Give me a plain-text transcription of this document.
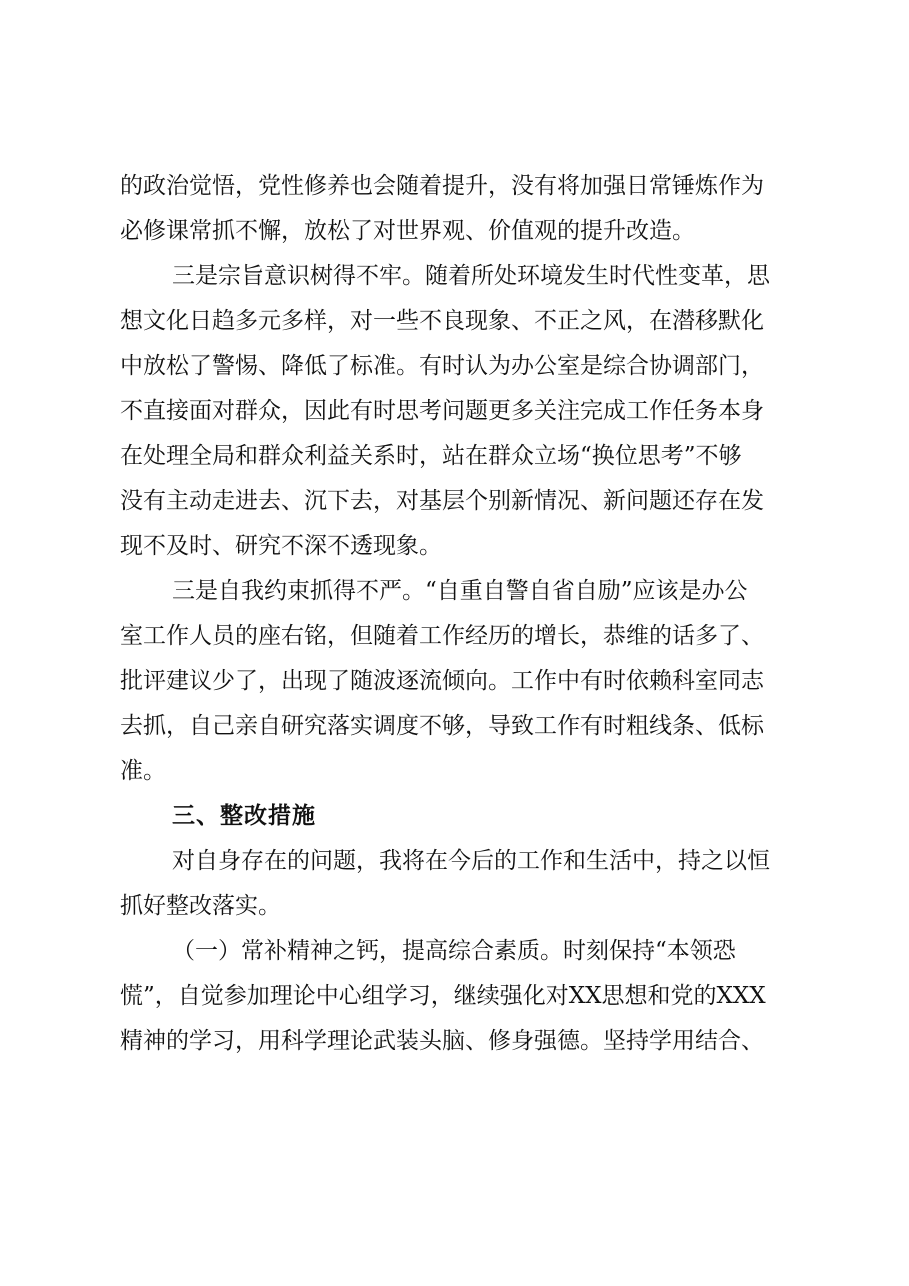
的政治觉悟，党性修养也会随着提升，没有将加强日常锤炼作为
必修课常抓不懈，放松了对世界观、价值观的提升改造。
三是宗旨意识树得不牢。随着所处环境发生时代性变革，思
想文化日趋多元多样，对一些不良现象、不正之风，在潜移默化
中放松了警惕、降低了标准。有时认为办公室是综合协调部门，
不直接面对群众，因此有时思考问题更多关注完成工作任务本身
在处理全局和群众利益关系时，站在群众立场“换位思考”不够
没有主动走进去、沉下去，对基层个别新情况、新问题还存在发
现不及时、研究不深不透现象。
三是自我约束抓得不严。“自重自警自省自励”应该是办公
室工作人员的座右铭，但随着工作经历的增长，恭维的话多了、
批评建议少了，出现了随波逐流倾向。工作中有时依赖科室同志
去抓，自己亲自研究落实调度不够，导致工作有时粗线条、低标
准。
三、整改措施
对自身存在的问题，我将在今后的工作和生活中，持之以恒
抓好整改落实。
（一）常补精神之钙，提高综合素质。时刻保持“本领恐
慌”，自觉参加理论中心组学习，继续强化对XX思想和党的XXX
精神的学习，用科学理论武装头脑、修身强德。坚持学用结合、
